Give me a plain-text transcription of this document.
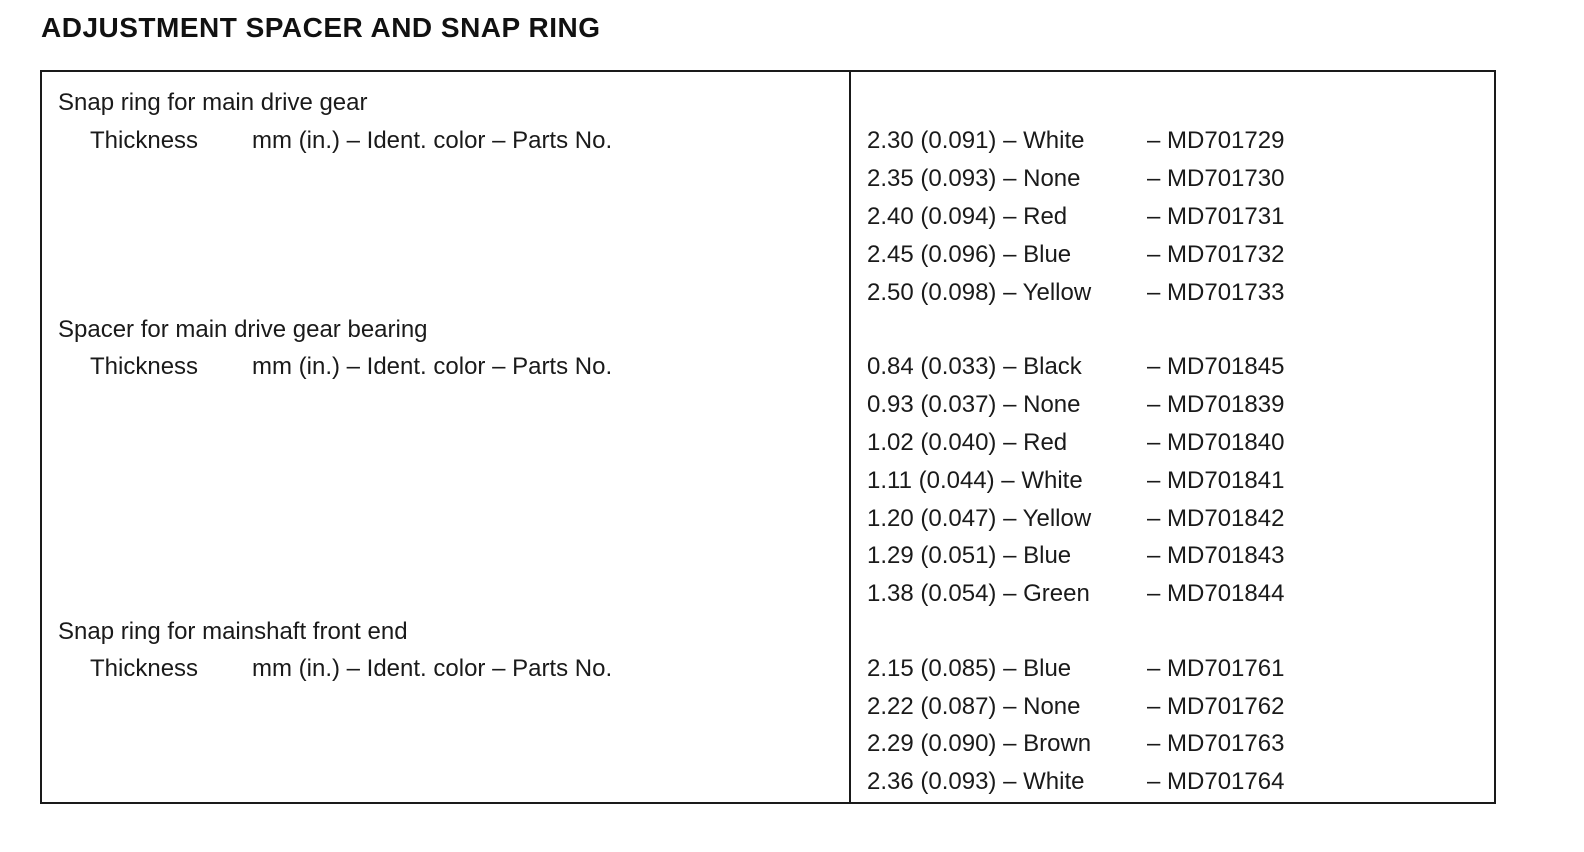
ADJUSTMENT SPACER AND SNAP RING
Snap ring for main drive gear
Thickness mm (in.) – Ident. color – Parts No.	2.30 (0.091) – White	– MD701729
2.35 (0.093) – None	– MD701730
2.40 (0.094) – Red	– MD701731
2.45 (0.096) – Blue	– MD701732
2.50 (0.098) – Yellow – MD701733
Spacer for main drive gear bearing
Thickness mm (in.) – Ident. color – Parts No.	0.84 (0.033) – Black	– MD701845
0.93 (0.037) – None	– MD701839
1.02 (0.040) – Red	– MD701840
1.11 (0.044) – White	– MD701841
1.20 (0.047) – Yellow – MD701842
1.29 (0.051) – Blue	– MD701843
1.38 (0.054) – Green – MD701844
Snap ring for mainshaft front end
Thickness mm (in.) – Ident. color – Parts No.	2.15 (0.085) – Blue	– MD701761
2.22 (0.087) – None	– MD701762
2.29 (0.090) – Brown – MD701763
2.36 (0.093) – White	– MD701764
